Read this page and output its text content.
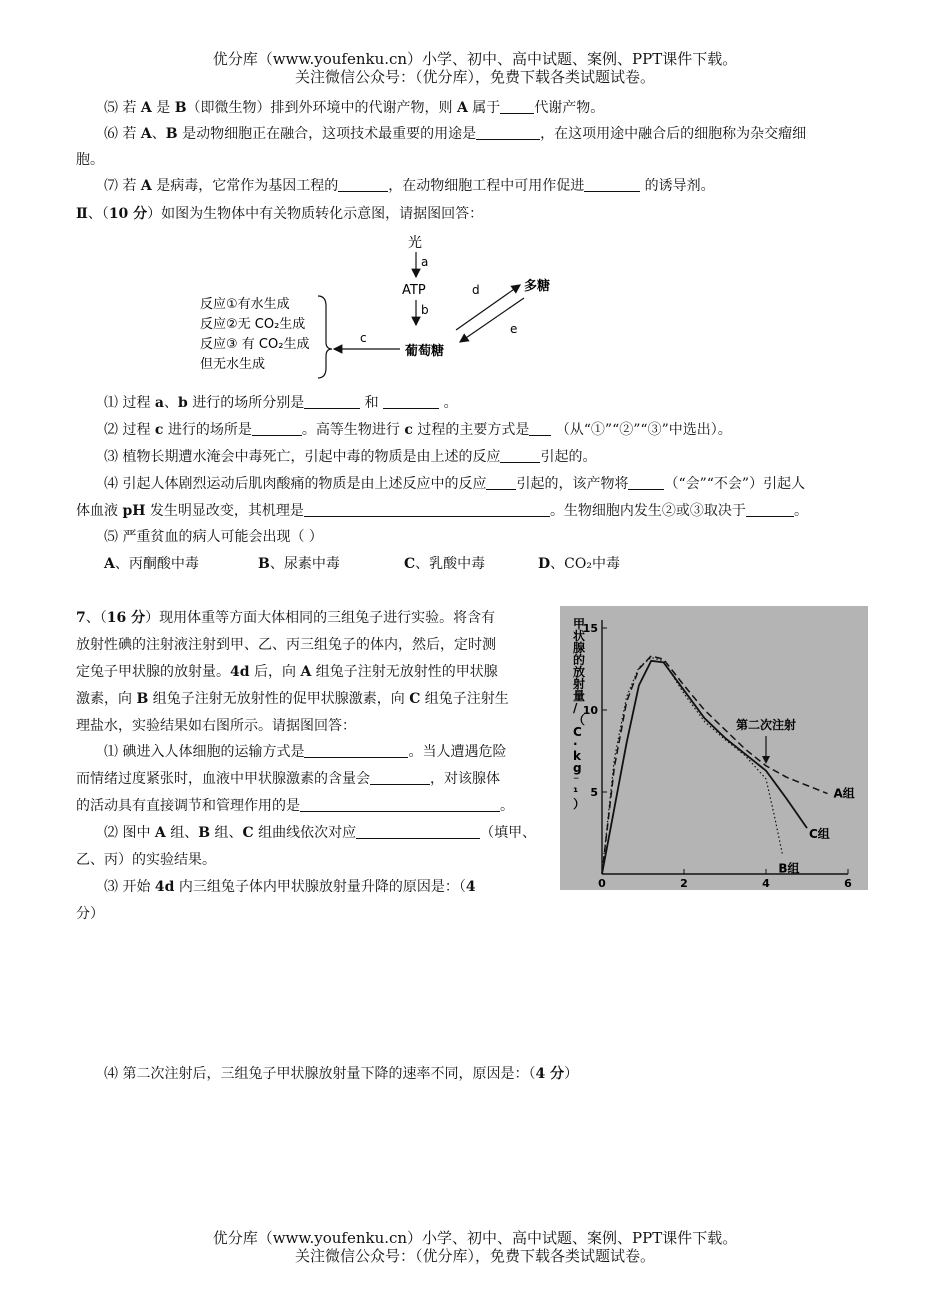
优分库（www.youfenku.cn）小学、初中、高中试题、案例、PPT课件下载。
关注微信公众号：（优分库），免费下载各类试题试卷。
⑸ 若 A 是 B（即微生物）排到外环境中的代谢产物，则 A 属于 代谢产物。
⑹ 若 A、B 是动物细胞正在融合，这项技术最重要的用途是	，在这项用途中融合后的细胞称为杂交瘤细
胞。
⑺ 若 A 是病毒，它常作为基因工程的	，在动物细胞工程中可用作促进	的诱导剂。
Ⅱ、（10 分）如图为生物体中有关物质转化示意图，请据图回答：
光
a
ATP
b
葡萄糖
多糖
d
e
c
反应①有水生成
反应②无 CO₂生成
反应③ 有 CO₂生成
但无水生成
⑴ 过程 a、b 进行的场所分别是	和	。
⑵ 过程 c 进行的场所是	。高等生物进行 c 过程的主要方式是 （从“①”“②”“③”中选出）。
⑶ 植物长期遭水淹会中毒死亡，引起中毒的物质是由上述的反应	引起的。
⑷ 引起人体剧烈运动后肌肉酸痛的物质是由上述反应中的反应 引起的，该产物将	（“会”“不会”）引起人
体血液 pH 发生明显改变，其机理是	。生物细胞内发生②或③取决于	。
⑸ 严重贫血的病人可能会出现（ ）
A、丙酮酸中毒	B、尿素中毒	C、乳酸中毒	D、CO₂中毒
7、（16 分）现用体重等方面大体相同的三组兔子进行实验。将含有
放射性碘的注射液注射到甲、乙、丙三组兔子的体内，然后，定时测
定兔子甲状腺的放射量。4d 后，向 A 组兔子注射无放射性的甲状腺
激素，向 B 组兔子注射无放射性的促甲状腺激素，向 C 组兔子注射生
理盐水，实验结果如右图所示。请据图回答：
⑴ 碘进入人体细胞的运输方式是	。当人遭遇危险
而情绪过度紧张时，血液中甲状腺激素的含量会	，对该腺体
的活动具有直接调节和管理作用的是	。
⑵ 图中 A 组、B 组、C 组曲线依次对应	（填甲、
乙、丙）的实验结果。
⑶ 开始 4d 内三组兔子体内甲状腺放射量升降的原因是：（4
分）
⑷ 第二次注射后，三组兔子甲状腺放射量下降的速率不同，原因是：（4 分）
0	2	4	6
5
10
15
甲状腺的放射量/（ C · k g ⁻ ¹ ）
A组
C组
B组
第二次注射
优分库（www.youfenku.cn）小学、初中、高中试题、案例、PPT课件下载。
关注微信公众号：（优分库），免费下载各类试题试卷。
